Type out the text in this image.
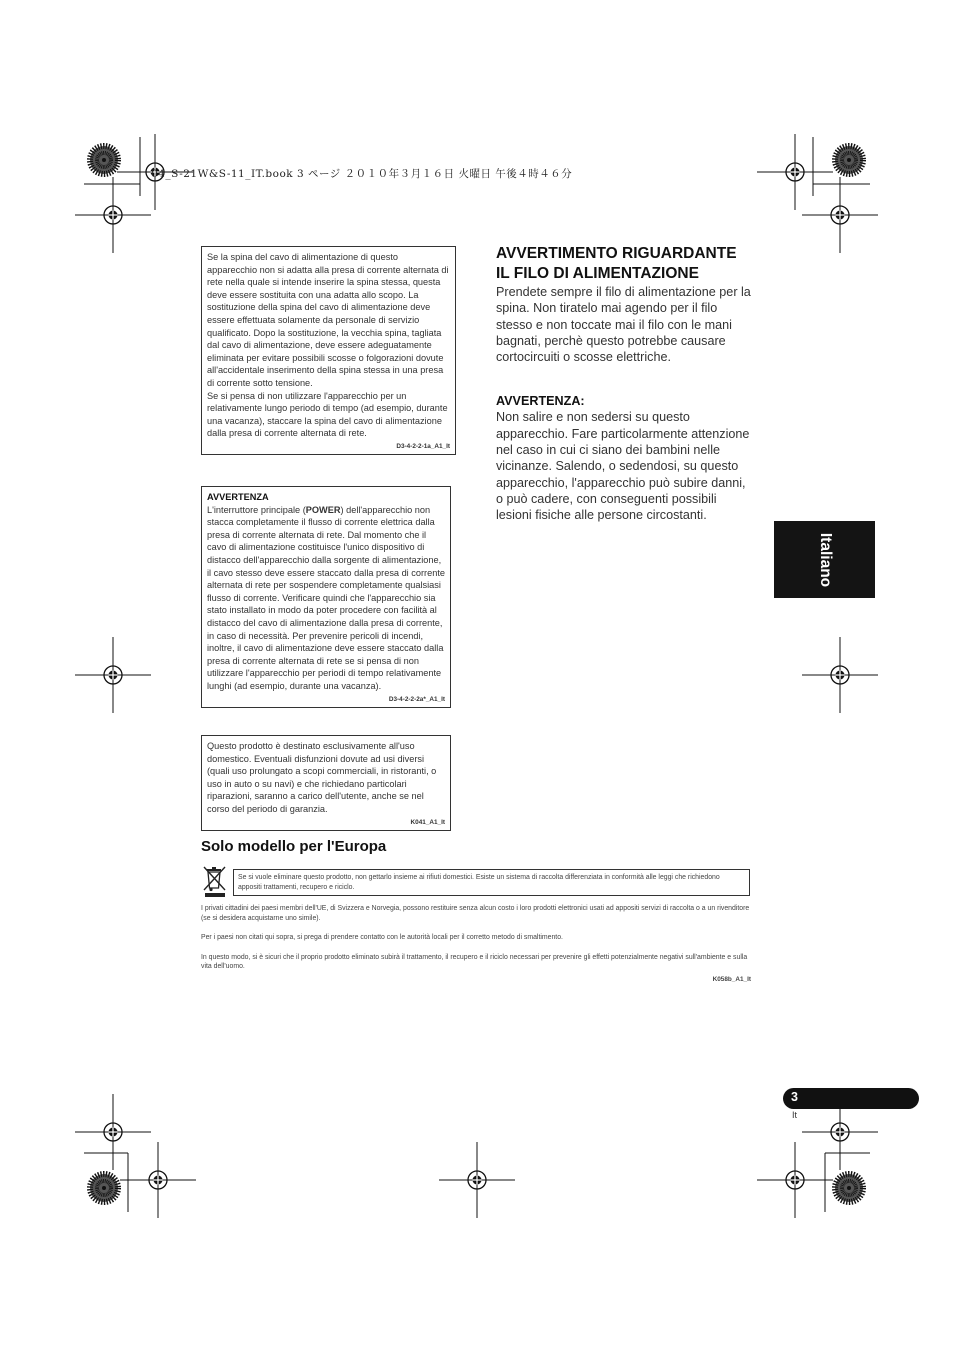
04_S-21W&S-11_IT.book 3 ページ ２０１０年３月１６日 火曜日 午後４時４６分

Se la spina del cavo di alimentazione di questo apparecchio non si adatta alla presa di corrente alternata di rete nella quale si intende inserire la spina stessa, questa deve essere sostituita con una adatta allo scopo. La sostituzione della spina del cavo di alimentazione deve essere effettuata solamente da personale di servizio qualificato. Dopo la sostituzione, la vecchia spina, tagliata dal cavo di alimentazione, deve essere adeguatamente eliminata per evitare possibili scosse o folgorazioni dovute all'accidentale inserimento della spina stessa in una presa di corrente sotto tensione.

Se si pensa di non utilizzare l'apparecchio per un relativamente lungo periodo di tempo (ad esempio, durante una vacanza), staccare la spina del cavo di alimentazione dalla presa di corrente alternata di rete.

D3-4-2-2-1a_A1_It

AVVERTENZA

L'interruttore principale (POWER) dell'apparecchio non stacca completamente il flusso di corrente elettrica dalla presa di corrente alternata di rete. Dal momento che il cavo di alimentazione costituisce l'unico dispositivo di distacco dell'apparecchio dalla sorgente di alimentazione, il cavo stesso deve essere staccato dalla presa di corrente alternata di rete per sospendere completamente qualsiasi flusso di corrente. Verificare quindi che l'apparecchio sia stato installato in modo da poter procedere con facilità al distacco del cavo di alimentazione dalla presa di corrente, in caso di necessità. Per prevenire pericoli di incendi, inoltre, il cavo di alimentazione deve essere staccato dalla presa di corrente alternata di rete se si pensa di non utilizzare l'apparecchio per periodi di tempo relativamente lunghi (ad esempio, durante una vacanza).

D3-4-2-2-2a*_A1_It

Questo prodotto è destinato esclusivamente all'uso domestico. Eventuali disfunzioni dovute ad usi diversi (quali uso prolungato a scopi commerciali, in ristoranti, o uso in auto o su navi) e che richiedano particolari riparazioni, saranno a carico dell'utente, anche se nel corso del periodo di garanzia.

K041_A1_It

AVVERTIMENTO RIGUARDANTE
IL FILO DI ALIMENTAZIONE

Prendete sempre il filo di alimentazione per la spina. Non tiratelo mai agendo per il filo stesso e non toccate mai il filo con le mani bagnati, perchè questo potrebbe causare cortocircuiti o scosse elettriche.

AVVERTENZA:

Non salire e non sedersi su questo apparecchio. Fare particolarmente attenzione nel caso in cui ci siano dei bambini nelle vicinanze. Salendo, o sedendosi, su questo apparecchio, l'apparecchio può subire danni, o può cadere, con conseguenti possibili lesioni fisiche alle persone circostanti.

Italiano
Solo modello per l'Europa

Se si vuole eliminare questo prodotto, non gettarlo insieme ai rifiuti domestici. Esiste un sistema di raccolta differenziata in conformità alle leggi che richiedono appositi trattamenti, recupero e riciclo.

I privati cittadini dei paesi membri dell'UE, di Svizzera e Norvegia, possono restituire senza alcun costo i loro prodotti elettronici usati ad appositi servizi di raccolta o a un rivenditore (se si desidera acquistarne uno simile).

Per i paesi non citati qui sopra, si prega di prendere contatto con le autorità locali per il corretto metodo di smaltimento.

In questo modo, si è sicuri che il proprio prodotto eliminato subirà il trattamento, il recupero e il riciclo necessari per prevenire gli effetti potenzialmente negativi sull'ambiente e sulla vita dell'uomo.

K058b_A1_It
3
It
